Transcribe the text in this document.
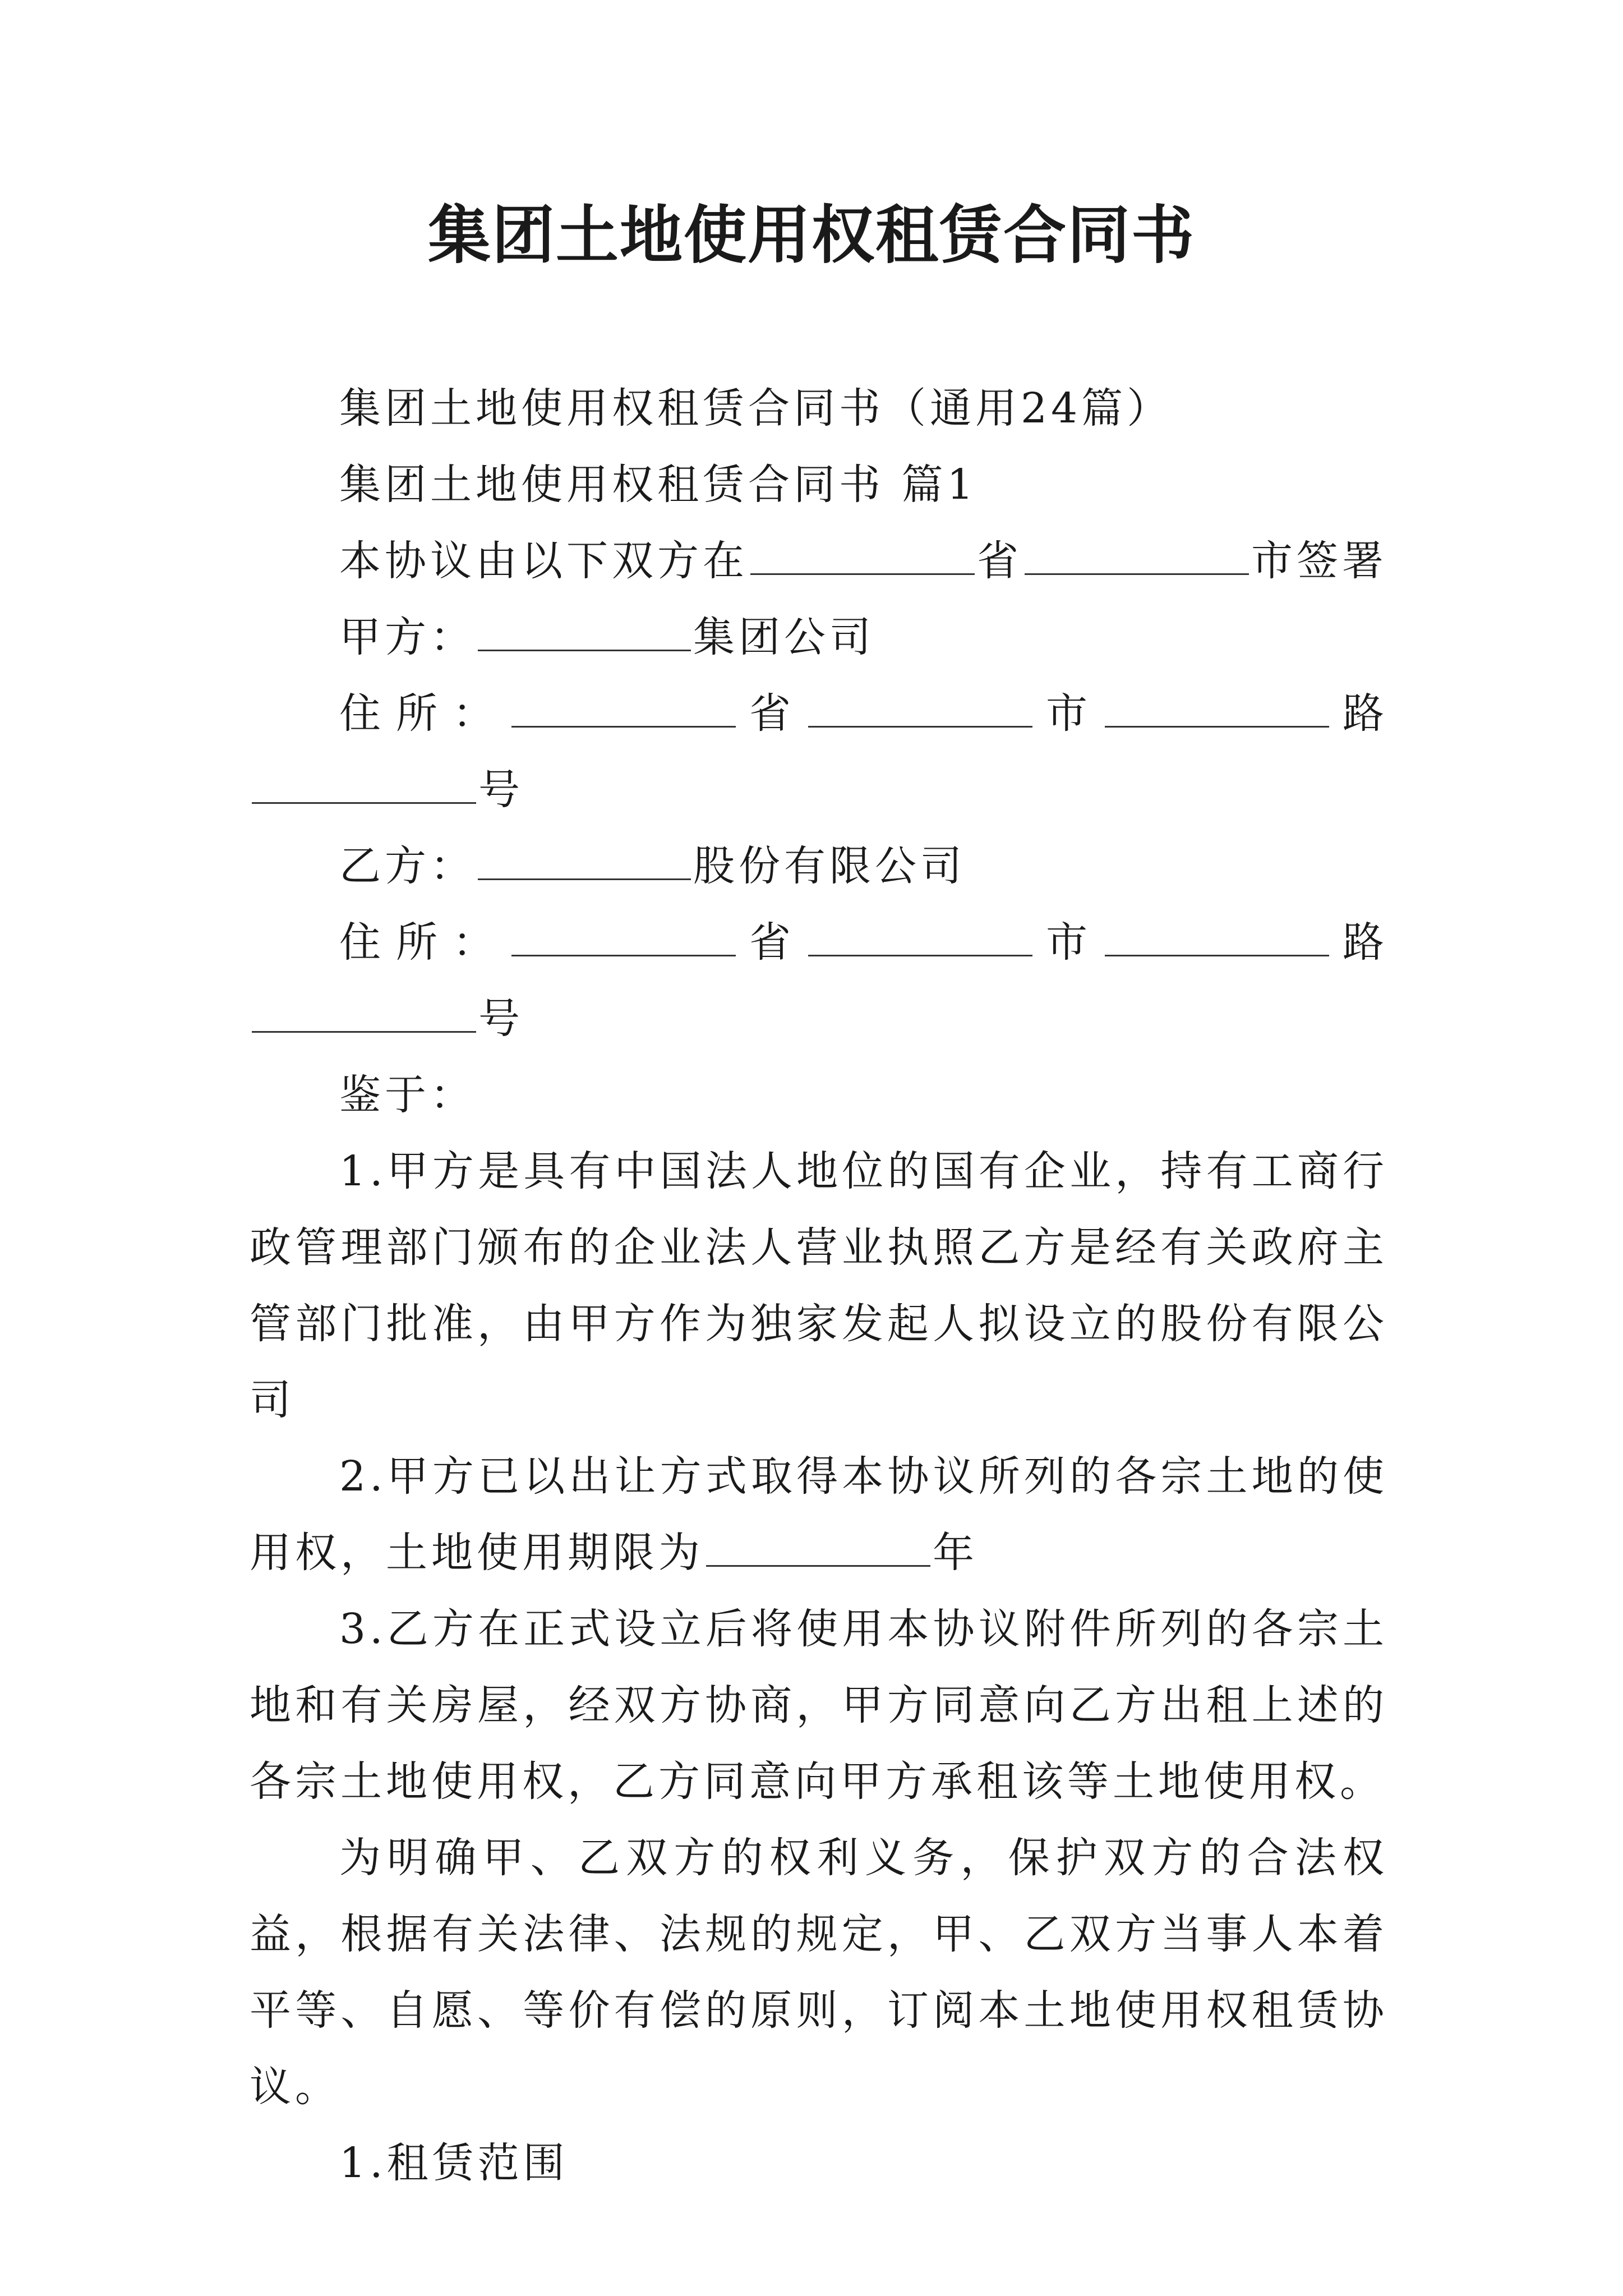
集团土地使用权租赁合同书

集团土地使用权租赁合同书（通用24篇）

集团土地使用权租赁合同书 篇1

本协议由以下双方在	省	市签署

甲方：	集团公司

住所：	省	市	路号

乙方：	股份有限公司

住所：	省	市	路号

鉴于：

1.甲方是具有中国法人地位的国有企业，持有工商行政管理部门颁布的企业法人营业执照乙方是经有关政府主管部门批准，由甲方作为独家发起人拟设立的股份有限公司

2.甲方已以出让方式取得本协议所列的各宗土地的使用权，土地使用期限为	年

3.乙方在正式设立后将使用本协议附件所列的各宗土地和有关房屋，经双方协商，甲方同意向乙方出租上述的各宗土地使用权，乙方同意向甲方承租该等土地使用权。

为明确甲、乙双方的权利义务，保护双方的合法权益，根据有关法律、法规的规定，甲、乙双方当事人本着平等、自愿、等价有偿的原则，订阅本土地使用权租赁协议。

1.租赁范围
